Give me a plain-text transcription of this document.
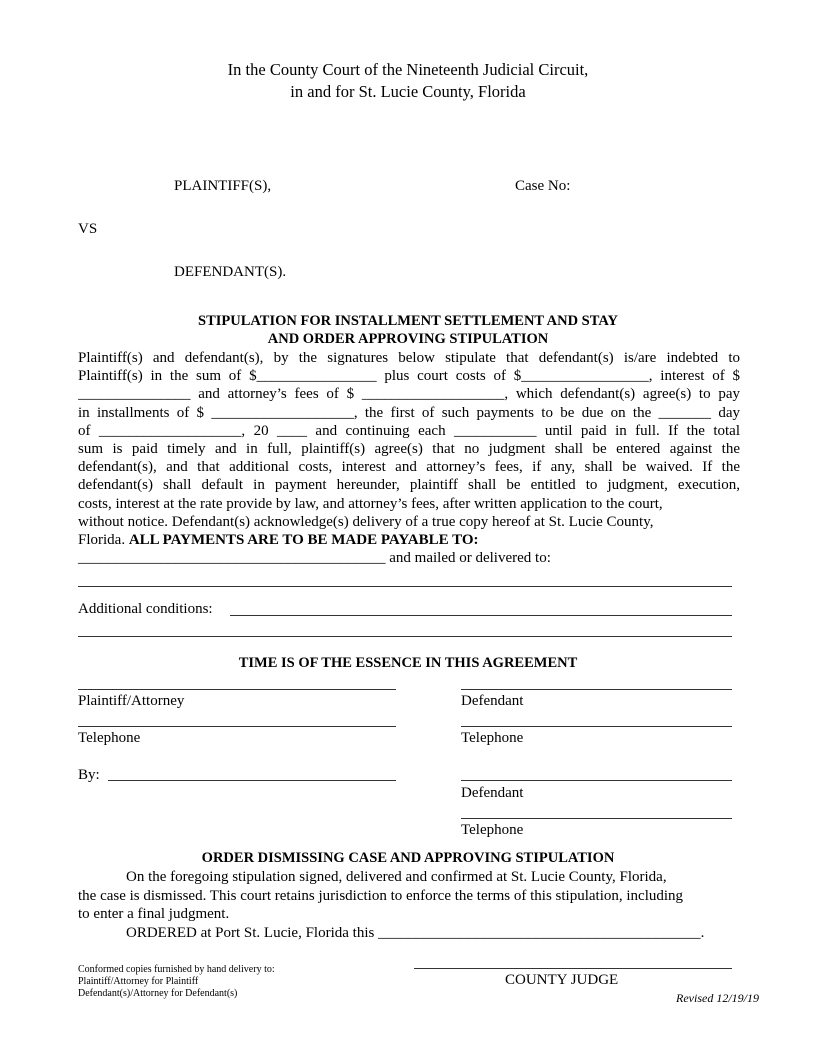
In the County Court of the Nineteenth Judicial Circuit,
in and for St. Lucie County, Florida
PLAINTIFF(S),	Case No:
VS
DEFENDANT(S).
STIPULATION FOR INSTALLMENT SETTLEMENT AND STAY
AND ORDER APPROVING STIPULATION
Plaintiff(s) and defendant(s), by the signatures below stipulate that defendant(s) is/are indebted to
Plaintiff(s) in the sum of $________________ plus court costs of $_________________, interest of $
_______________ and attorney’s fees of $ ___________________, which defendant(s) agree(s) to pay
in installments of $ ___________________, the first of such payments to be due on the _______ day
of ___________________, 20 ____ and continuing each ___________ until paid in full. If the total
sum is paid timely and in full, plaintiff(s) agree(s) that no judgment shall be entered against the
defendant(s), and that additional costs, interest and attorney’s fees, if any, shall be waived. If the
defendant(s) shall default in payment hereunder, plaintiff shall be entitled to judgment, execution,
costs, interest at the rate provide by law, and attorney’s fees, after written application to the court,
without notice. Defendant(s) acknowledge(s) delivery of a true copy hereof at St. Lucie County,
Florida. ALL PAYMENTS ARE TO BE MADE PAYABLE TO:
_________________________________________ and mailed or delivered to:
Additional conditions:
TIME IS OF THE ESSENCE IN THIS AGREEMENT
Plaintiff/Attorney	Defendant
Telephone	Telephone
By:
Defendant
Telephone
ORDER DISMISSING CASE AND APPROVING STIPULATION
On the foregoing stipulation signed, delivered and confirmed at St. Lucie County, Florida,
the case is dismissed. This court retains jurisdiction to enforce the terms of this stipulation, including
to enter a final judgment.
ORDERED at Port St. Lucie, Florida this ___________________________________________.
Conformed copies furnished by hand delivery to:
Plaintiff/Attorney for Plaintiff
Defendant(s)/Attorney for Defendant(s)
COUNTY JUDGE
Revised 12/19/19
